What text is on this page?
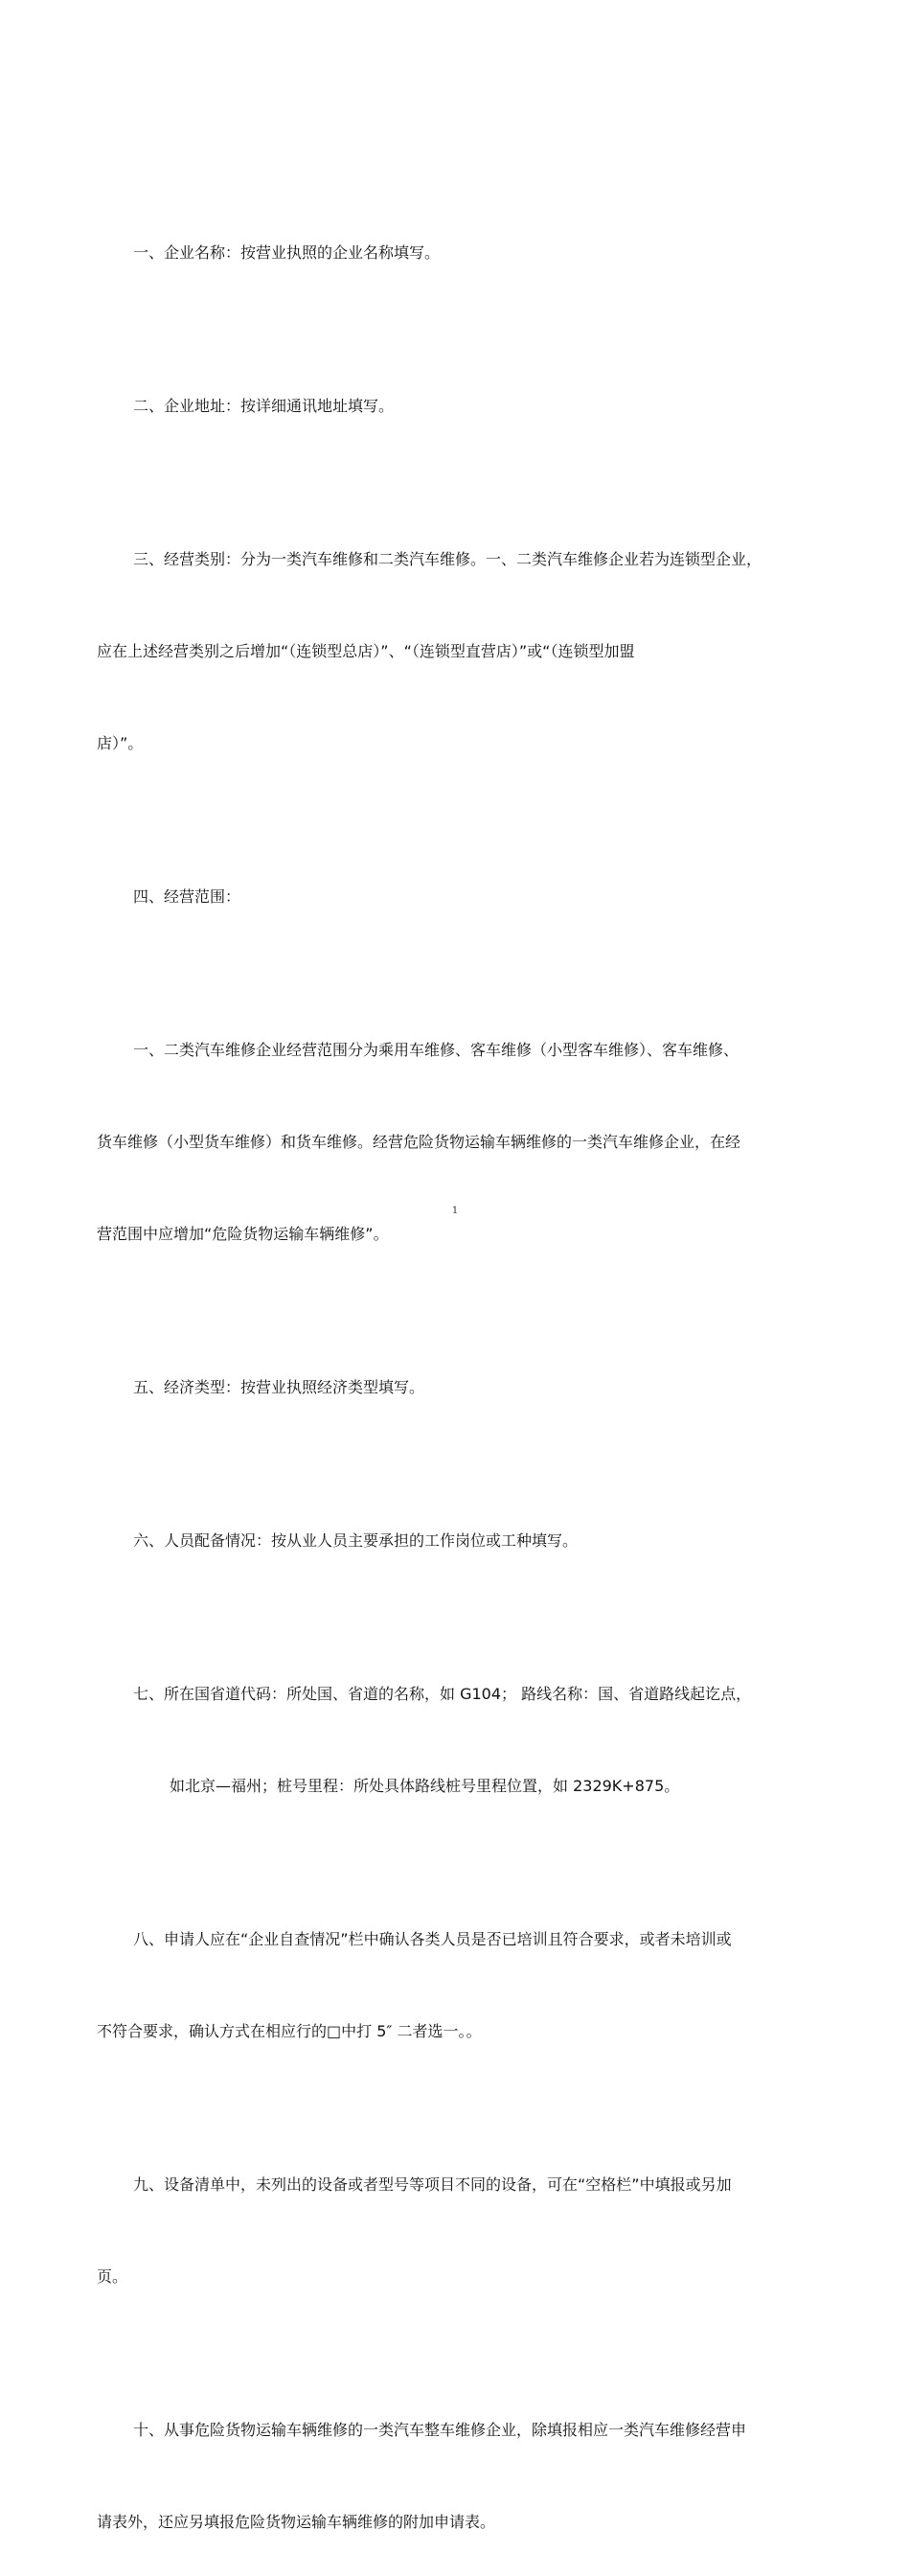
一、企业名称：按营业执照的企业名称填写。

二、企业地址：按详细通讯地址填写。

三、经营类别：分为一类汽车维修和二类汽车维修。一、二类汽车维修企业若为连锁型企业，

应在上述经营类别之后增加“（连锁型总店）”、“（连锁型直营店）”或“（连锁型加盟

店）”。

四、经营范围：

一、二类汽车维修企业经营范围分为乘用车维修、客车维修（小型客车维修）、客车维修、

货车维修（小型货车维修）和货车维修。经营危险货物运输车辆维修的一类汽车维修企业，在经

营范围中应增加“危险货物运输车辆维修”。

五、经济类型：按营业执照经济类型填写。

六、人员配备情况：按从业人员主要承担的工作岗位或工种填写。

七、所在国省道代码：所处国、省道的名称，如 G104； 路线名称：国、省道路线起讫点，

如北京—福州；桩号里程：所处具体路线桩号里程位置，如 2329K+875。

八、申请人应在“企业自查情况”栏中确认各类人员是否已培训且符合要求，或者未培训或

不符合要求，确认方式在相应行的□中打 5″ 二者选一。。

九、设备清单中，未列出的设备或者型号等项目不同的设备，可在“空格栏”中填报或另加

页。

十、从事危险货物运输车辆维修的一类汽车整车维修企业，除填报相应一类汽车维修经营申

请表外，还应另填报危险货物运输车辆维修的附加申请表。

1
